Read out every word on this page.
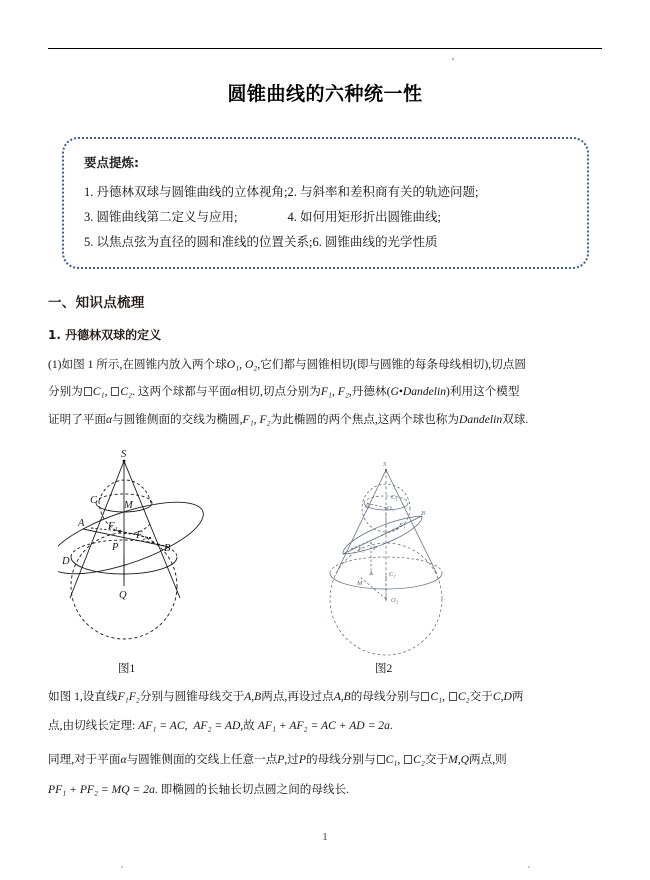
圆锥曲线的六种统一性
要点提炼:
1. 丹德林双球与圆锥曲线的立体视角;2. 与斜率和差积商有关的轨迹问题;
3. 圆锥曲线第二定义与应用;                4. 如何用矩形折出圆锥曲线;
5. 以焦点弦为直径的圆和准线的位置关系;6. 圆锥曲线的光学性质
一、知识点梳理
1. 丹德林双球的定义
(1)如图 1 所示,在圆锥内放入两个球O₁, O₂,它们都与圆锥相切(即与圆锥的每条母线相切),切点圆
分别为 C₁, C₂. 这两个球都与平面α相切,切点分别为F₁, F₂,丹德林(G•Dandelin)利用这个模型
证明了平面α与圆锥侧面的交线为椭圆,F₁, F₂为此椭圆的两个焦点,这两个球也称为Dandelin双球.
S
C	M
A F₁
F₂
P	B
D
Q
S
C₁
Q′ O₁
B
F₁
F₂ P
C₂
A
M
O₂
图1	图2
如图 1,设直线F₁F₂分别与圆锥母线交于A,B两点,再设过点A,B的母线分别与 C₁, C₂交于C,D两
点,由切线长定理: AF₁ = AC,  AF₂ = AD,故 AF₁ + AF₂ = AC + AD = 2a.
同理,对于平面α与圆锥侧面的交线上任意一点P,过P的母线分别与 C₁, C₂交于M,Q两点,则
PF₁ + PF₂ = MQ = 2a. 即椭圆的长轴长切点圆之间的母线长.
1
